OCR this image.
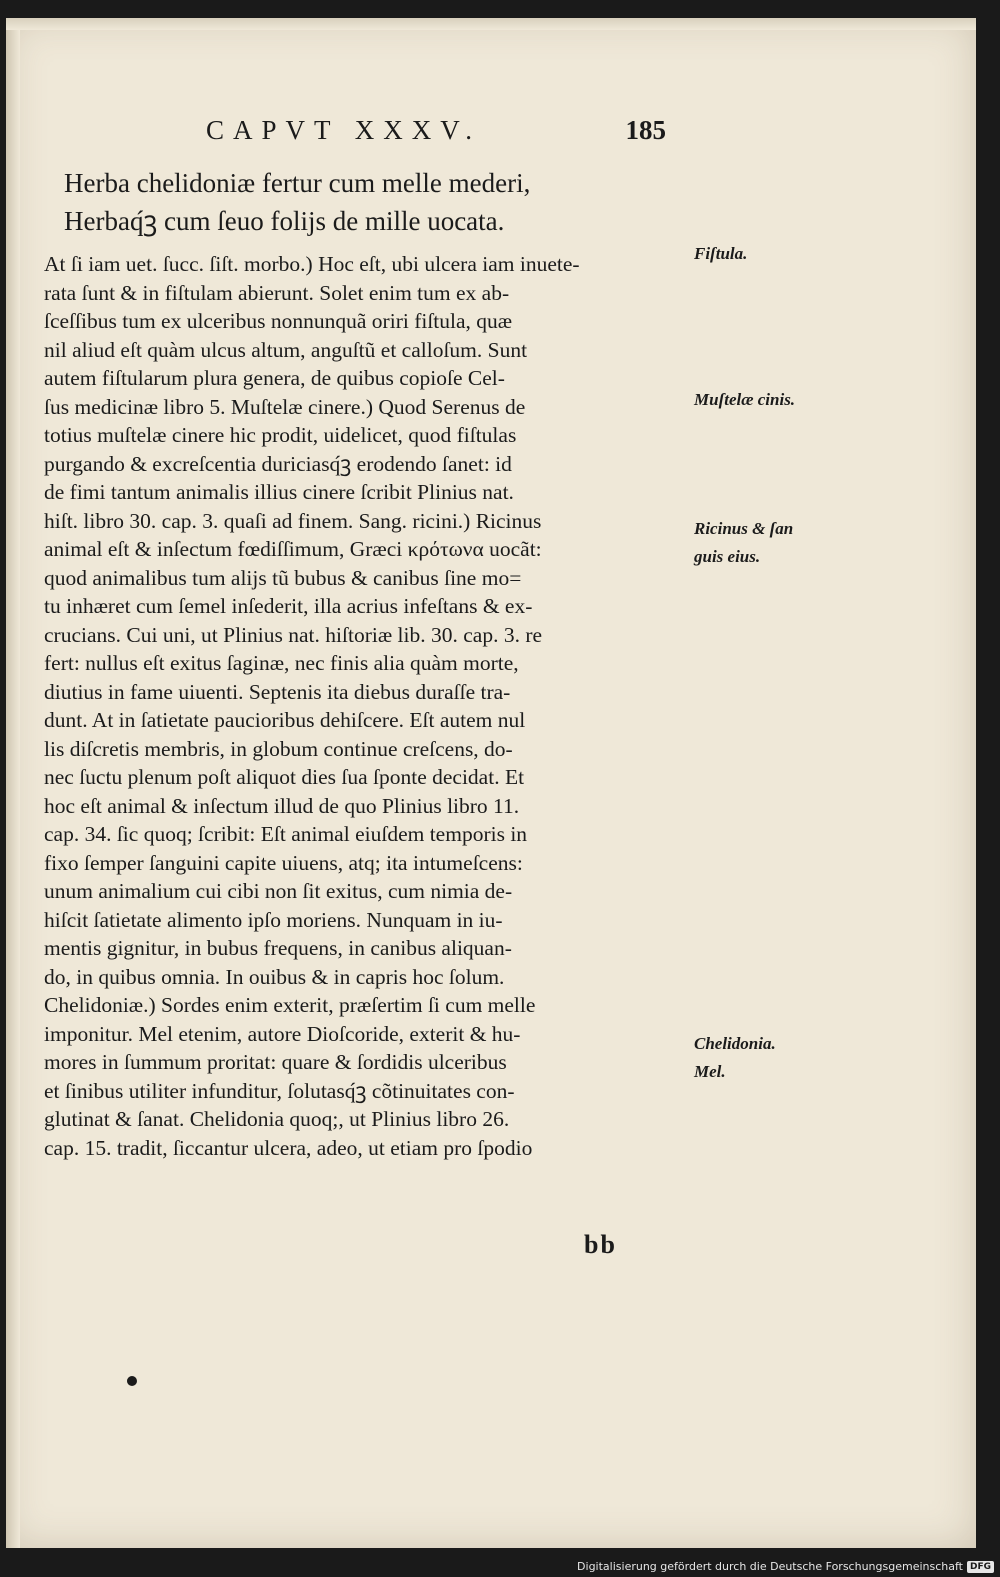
CAPVT XXXV.	185
Herba chelidoniæ fertur cum melle mederi,
Herbaq́ꝫ cum ſeuo folijs de mille uocata.
At ſi iam uet. ſucc. ſiſt. morbo.) Hoc eſt, ubi ulcera iam inuete-
rata ſunt & in fiſtulam abierunt. Solet enim tum ex ab-
ſceſſibus tum ex ulceribus nonnunquã oriri fiſtula, quæ
nil aliud eſt quàm ulcus altum, anguſtũ et calloſum. Sunt
autem fiſtularum plura genera, de quibus copioſe Cel-
ſus medicinæ libro 5. Muſtelæ cinere.) Quod Serenus de
totius muſtelæ cinere hic prodit, uidelicet, quod fiſtulas
purgando & excreſcentia duriciasq́ꝫ erodendo ſanet: id
de fimi tantum animalis illius cinere ſcribit Plinius nat.
hiſt. libro 30. cap. 3. quaſi ad finem. Sang. ricini.) Ricinus
animal eſt & inſectum fœdiſſimum, Græci κρότωνα uocãt:
quod animalibus tum alijs tũ bubus & canibus ſine mo=
tu inhæret cum ſemel inſederit, illa acrius infeſtans & ex-
crucians. Cui uni, ut Plinius nat. hiſtoriæ lib. 30. cap. 3. re
fert: nullus eſt exitus ſaginæ, nec finis alia quàm morte,
diutius in fame uiuenti. Septenis ita diebus duraſſe tra-
dunt. At in ſatietate paucioribus dehiſcere. Eſt autem nul
lis diſcretis membris, in globum continue creſcens, do-
nec ſuctu plenum poſt aliquot dies ſua ſponte decidat. Et
hoc eſt animal & inſectum illud de quo Plinius libro 11.
cap. 34. ſic quoq; ſcribit: Eſt animal eiuſdem temporis in
fixo ſemper ſanguini capite uiuens, atq; ita intumeſcens:
unum animalium cui cibi non ſit exitus, cum nimia de-
hiſcit ſatietate alimento ipſo moriens. Nunquam in iu-
mentis gignitur, in bubus frequens, in canibus aliquan-
do, in quibus omnia. In ouibus & in capris hoc ſolum.
Chelidoniæ.) Sordes enim exterit, præſertim ſi cum melle
imponitur. Mel etenim, autore Dioſcoride, exterit & hu-
mores in ſummum proritat: quare & ſordidis ulceribus
et ſinibus utiliter infunditur, ſolutasq́ꝫ cõtinuitates con-
glutinat & ſanat. Chelidonia quoq;, ut Plinius libro 26.
cap. 15. tradit, ſiccantur ulcera, adeo, ut etiam pro ſpodio
Fiſtula.
Muſtelæ cinis.
Ricinus & ſan
guis eius.
Chelidonia.
Mel.
bb
Digitalisierung gefördert durch die Deutsche Forschungsgemeinschaft DFG
